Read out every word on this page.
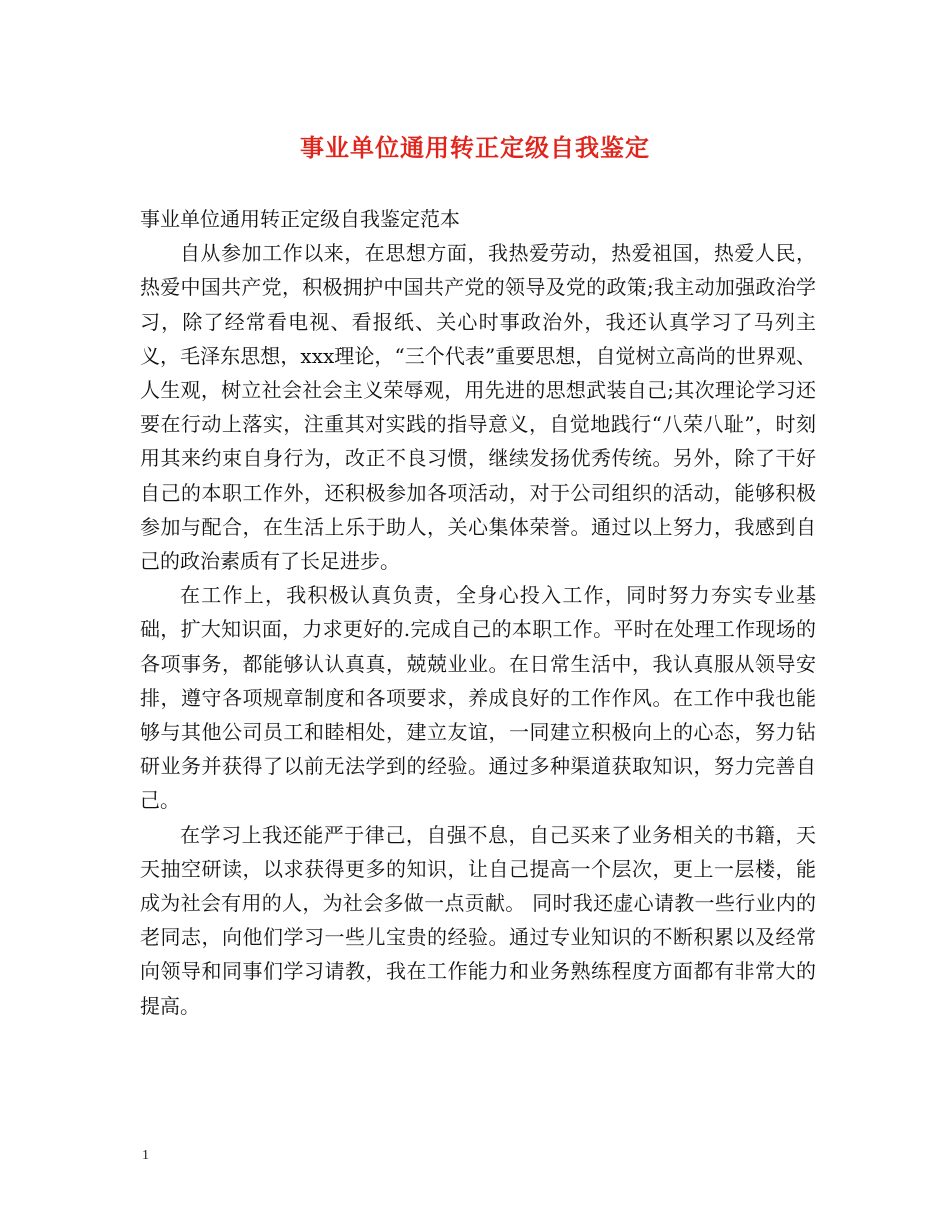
事业单位通用转正定级自我鉴定

事业单位通用转正定级自我鉴定范本

自从参加工作以来，在思想方面，我热爱劳动，热爱祖国，热爱人民，热爱中国共产党，积极拥护中国共产党的领导及党的政策;我主动加强政治学习，除了经常看电视、看报纸、关心时事政治外，我还认真学习了马列主义，毛泽东思想，xxx理论，“三个代表”重要思想，自觉树立高尚的世界观、人生观，树立社会社会主义荣辱观，用先进的思想武装自己;其次理论学习还要在行动上落实，注重其对实践的指导意义，自觉地践行“八荣八耻”，时刻用其来约束自身行为，改正不良习惯，继续发扬优秀传统。另外，除了干好自己的本职工作外，还积极参加各项活动，对于公司组织的活动，能够积极参加与配合，在生活上乐于助人，关心集体荣誉。通过以上努力，我感到自己的政治素质有了长足进步。

在工作上，我积极认真负责，全身心投入工作，同时努力夯实专业基础，扩大知识面，力求更好的.完成自己的本职工作。平时在处理工作现场的各项事务，都能够认认真真，兢兢业业。在日常生活中，我认真服从领导安排，遵守各项规章制度和各项要求，养成良好的工作作风。在工作中我也能够与其他公司员工和睦相处，建立友谊，一同建立积极向上的心态，努力钻研业务并获得了以前无法学到的经验。通过多种渠道获取知识，努力完善自己。

在学习上我还能严于律己，自强不息，自己买来了业务相关的书籍，天天抽空研读，以求获得更多的知识，让自己提高一个层次，更上一层楼，能成为社会有用的人，为社会多做一点贡献。 同时我还虚心请教一些行业内的老同志，向他们学习一些儿宝贵的经验。通过专业知识的不断积累以及经常向领导和同事们学习请教，我在工作能力和业务熟练程度方面都有非常大的提高。

1
